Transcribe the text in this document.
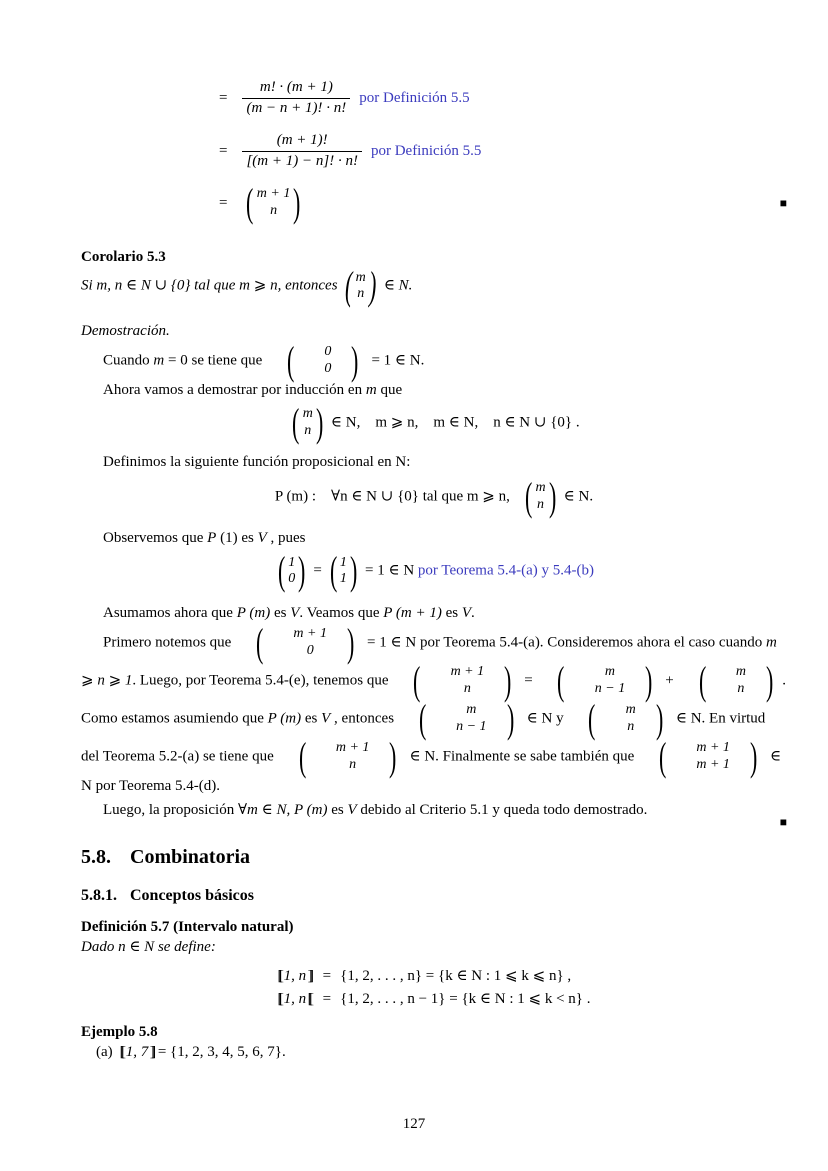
= $\frac{m! \cdot (m + 1)}{(m - n + 1)! \cdot n!}$ por Definición 5.5
= $\frac{(m + 1)!}{[(m + 1) - n]! \cdot n!}$ por Definición 5.5
= ( m + 1
n )	■

Corolario 5.3

Si m, n ∈ N ∪ {0} tal que m ⩾ n, entonces ( m
n ) ∈ N.

Demostración.

Cuando m = 0 se tiene que (	0
0 ) = 1 ∈ N.

Ahora vamos a demostrar por inducción en m que

( m
n ) ∈ N,    m ⩾ n,    m ∈ N,    n ∈ N ∪ {0} .

Definimos la siguiente función proposicional en N:

P (m) :    ∀n ∈ N ∪ {0} tal que m ⩾ n, ( m
n ) ∈ N.

Observemos que P (1) es V , pues

( 1
0 ) = ( 1
1 ) = 1 ∈ N por Teorema 5.4-(a) y 5.4-(b)

Asumamos ahora que P (m) es V. Veamos que P (m + 1) es V.

Primero notemos que (	m + 1
0 ) = 1 ∈ N por Teorema 5.4-(a). Consideremos ahora el caso cuando m ⩾ n ⩾ 1. Luego, por Teorema 5.4-(e), tenemos que (	m + 1
n ) = (	m
n − 1 ) + (	m
n ) . Como estamos asumiendo que P (m) es V , entonces (	m
n − 1 ) ∈ N y (	m
n ) ∈ N. En virtud del Teorema 5.2-(a) se tiene que (	m + 1
n ) ∈ N. Finalmente se sabe también que (	m + 1
m + 1 ) ∈ N por Teorema 5.4-(d).

■
Luego, la proposición ∀m ∈ N, P (m) es V debido al Criterio 5.1 y queda todo demostrado.

5.8. Combinatoria

5.8.1. Conceptos básicos

Definición 5.7 (Intervalo natural)

Dado n ∈ N se define:

[[ 1, n ]] = {1, 2, . . . , n} = {k ∈ N : 1 ⩽ k ⩽ n} ,
[[ 1, n [[ = {1, 2, . . . , n − 1} = {k ∈ N : 1 ⩽ k < n} .

Ejemplo 5.8

(a) [[ 1, 7 ]] = {1, 2, 3, 4, 5, 6, 7}.

127
